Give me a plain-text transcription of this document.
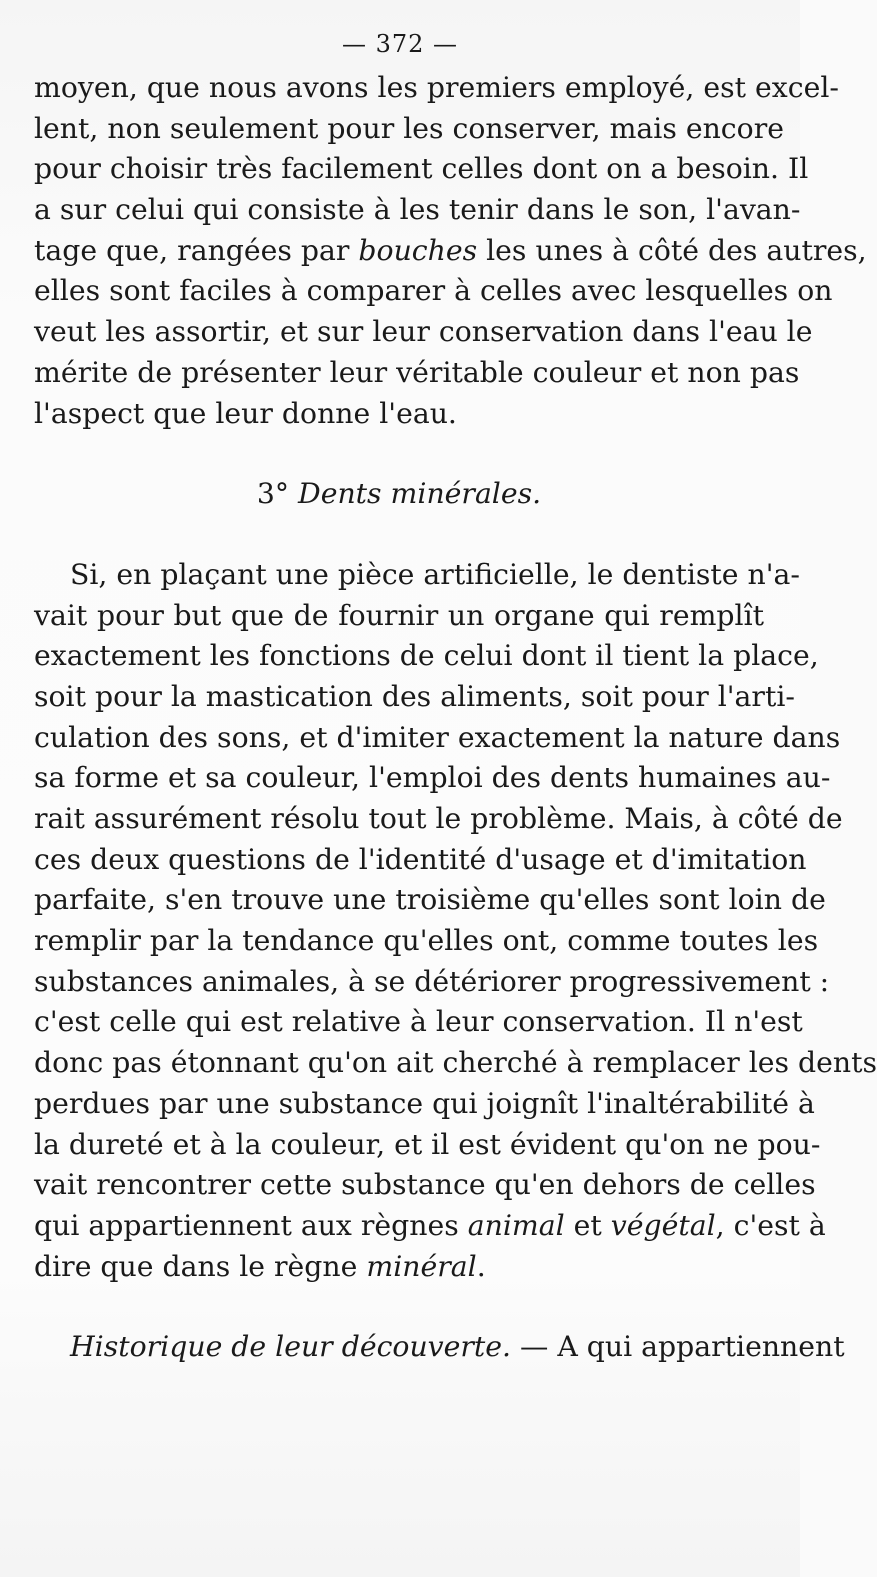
— 372 —
moyen, que nous avons les premiers employé, est excel-
lent, non seulement pour les conserver, mais encore
pour choisir très facilement celles dont on a besoin. Il
a sur celui qui consiste à les tenir dans le son, l'avan-
tage que, rangées par bouches les unes à côté des autres,
elles sont faciles à comparer à celles avec lesquelles on
veut les assortir, et sur leur conservation dans l'eau le
mérite de présenter leur véritable couleur et non pas
l'aspect que leur donne l'eau.
3° Dents minérales.
Si, en plaçant une pièce artificielle, le dentiste n'a-
vait pour but que de fournir un organe qui remplît
exactement les fonctions de celui dont il tient la place,
soit pour la mastication des aliments, soit pour l'arti-
culation des sons, et d'imiter exactement la nature dans
sa forme et sa couleur, l'emploi des dents humaines au-
rait assurément résolu tout le problème. Mais, à côté de
ces deux questions de l'identité d'usage et d'imitation
parfaite, s'en trouve une troisième qu'elles sont loin de
remplir par la tendance qu'elles ont, comme toutes les
substances animales, à se détériorer progressivement :
c'est celle qui est relative à leur conservation. Il n'est
donc pas étonnant qu'on ait cherché à remplacer les dents
perdues par une substance qui joignît l'inaltérabilité à
la dureté et à la couleur, et il est évident qu'on ne pou-
vait rencontrer cette substance qu'en dehors de celles
qui appartiennent aux règnes animal et végétal, c'est à
dire que dans le règne minéral.
Historique de leur découverte. — A qui appartiennent
